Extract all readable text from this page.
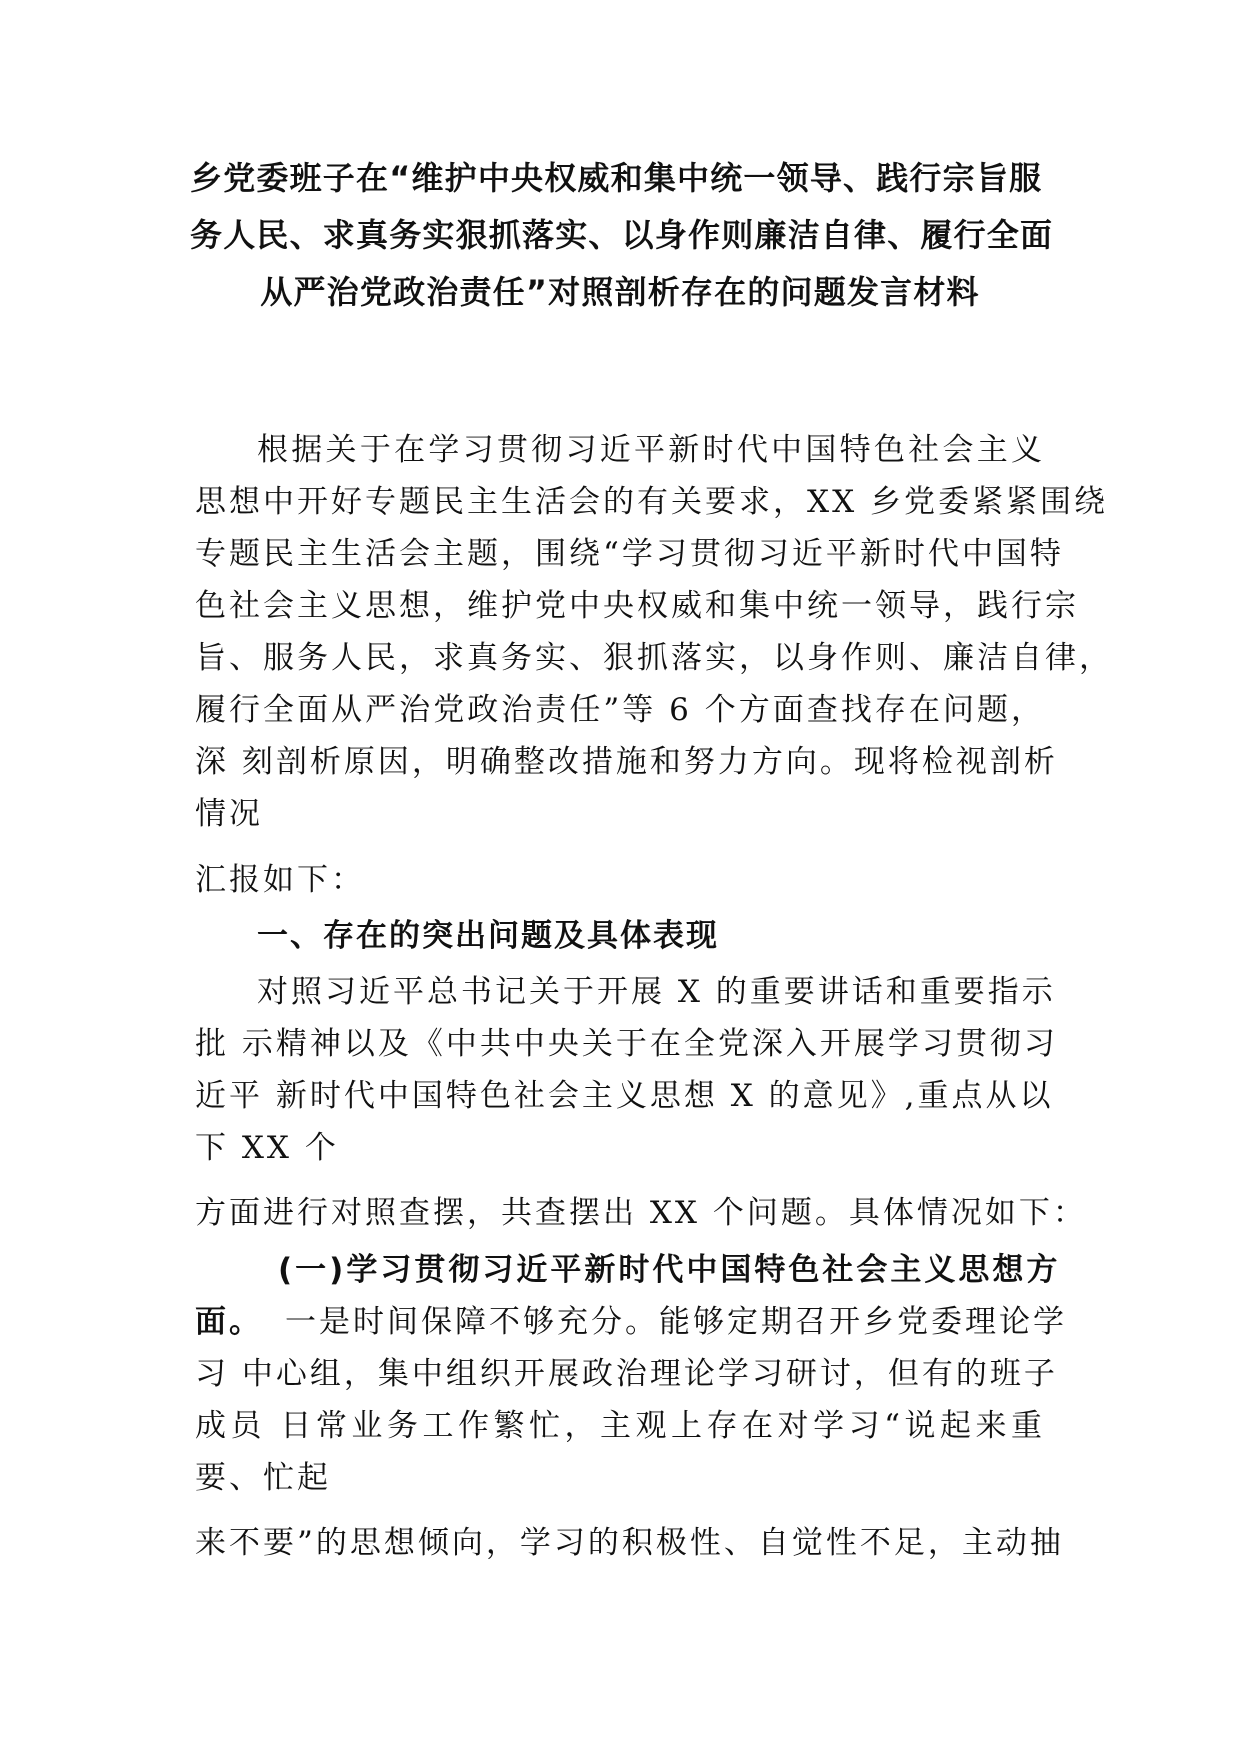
乡党委班子在“维护中央权威和集中统一领导、践行宗旨服
务人民、求真务实狠抓落实、以身作则廉洁自律、履行全面
从严治党政治责任”对照剖析存在的问题发言材料

根据关于在学习贯彻习近平新时代中国特色社会主义

思想中开好专题民主生活会的有关要求，XX 乡党委紧紧围绕

专题民主生活会主题，围绕“学习贯彻习近平新时代中国特

色社会主义思想，维护党中央权威和集中统一领导，践行宗

旨、服务人民，求真务实、狠抓落实，以身作则、廉洁自律，

履行全面从严治党政治责任”等 6 个方面查找存在问题，

深 刻剖析原因，明确整改措施和努力方向。现将检视剖析

情况

汇报如下：

一、存在的突出问题及具体表现

对照习近平总书记关于开展 X 的重要讲话和重要指示

批 示精神以及《中共中央关于在全党深入开展学习贯彻习

近平 新时代中国特色社会主义思想 X 的意见》,重点从以

下 XX 个

方面进行对照查摆，共查摆出 XX 个问题。具体情况如下：

(一)学习贯彻习近平新时代中国特色社会主义思想方

面。 一是时间保障不够充分。能够定期召开乡党委理论学

习 中心组，集中组织开展政治理论学习研讨，但有的班子

成员 日常业务工作繁忙，主观上存在对学习“说起来重

要、忙起

来不要”的思想倾向，学习的积极性、自觉性不足，主动抽
